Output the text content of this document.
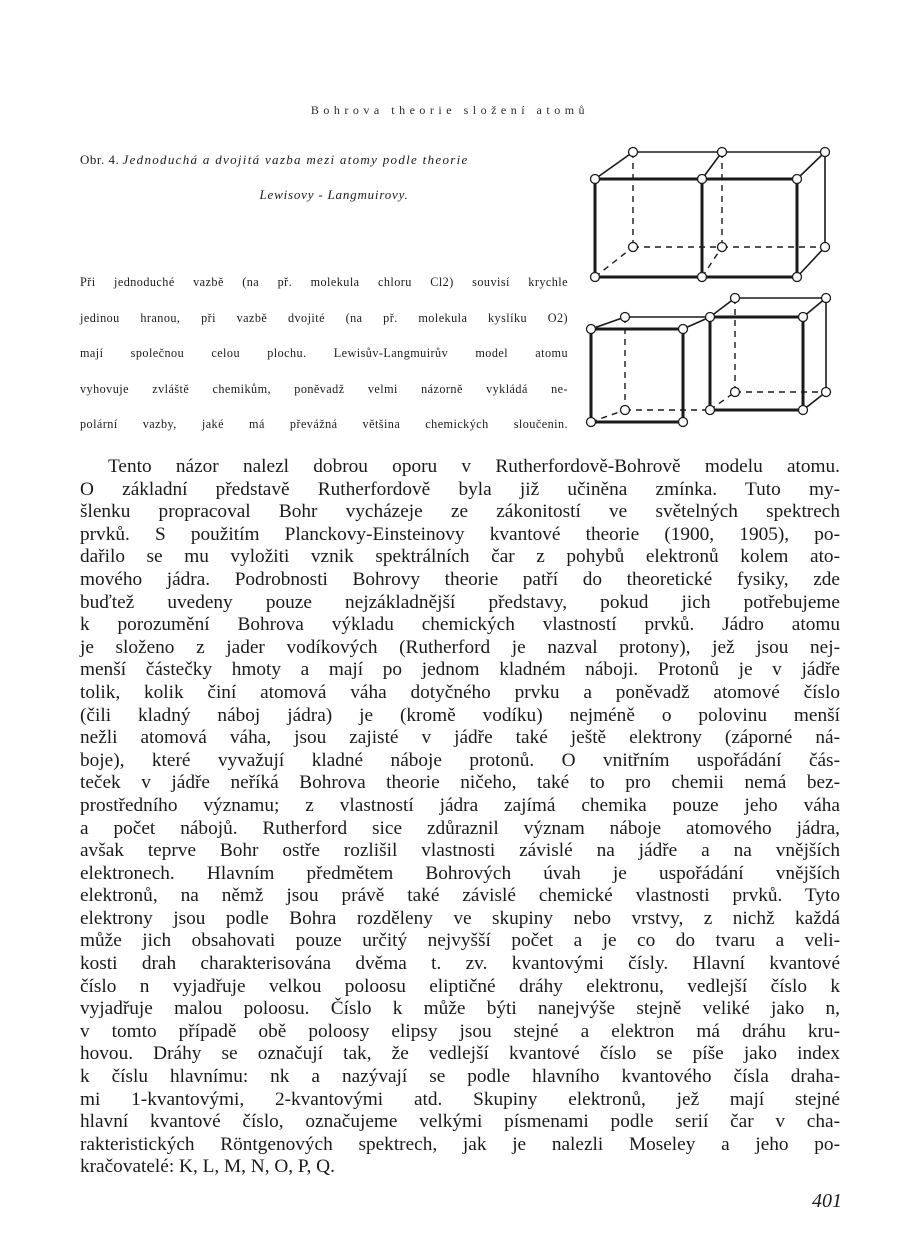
Bohrova theorie složení atomů
Obr. 4. Jednoduchá a dvojitá vazba mezi atomy podle theorie
Lewisovy - Langmuirovy.
Při jednoduché vazbě (na př. molekula chloru Cl2) souvisí krychle
jedinou hranou, při vazbě dvojité (na př. molekula kyslíku O2)
mají společnou celou plochu. Lewisův-Langmuirův model atomu
vyhovuje zvláště chemikům, poněvadž velmi názorně vykládá ne-
polární vazby, jaké má převážná většina chemických sloučenin.
Tento názor nalezl dobrou oporu v Rutherfordově-Bohrově modelu atomu.
O základní představě Rutherfordově byla již učiněna zmínka. Tuto my-
šlenku propracoval Bohr vycházeje ze zákonitostí ve světelných spektrech
prvků. S použitím Planckovy-Einsteinovy kvantové theorie (1900, 1905), po-
dařilo se mu vyložiti vznik spektrálních čar z pohybů elektronů kolem ato-
mového jádra. Podrobnosti Bohrovy theorie patří do theoretické fysiky, zde
buďtež uvedeny pouze nejzákladnější představy, pokud jich potřebujeme
k porozumění Bohrova výkladu chemických vlastností prvků. Jádro atomu
je složeno z jader vodíkových (Rutherford je nazval protony), jež jsou nej-
menší částečky hmoty a mají po jednom kladném náboji. Protonů je v jádře
tolik, kolik činí atomová váha dotyčného prvku a poněvadž atomové číslo
(čili kladný náboj jádra) je (kromě vodíku) nejméně o polovinu menší
nežli atomová váha, jsou zajisté v jádře také ještě elektrony (záporné ná-
boje), které vyvažují kladné náboje protonů. O vnitřním uspořádání čás-
teček v jádře neříká Bohrova theorie ničeho, také to pro chemii nemá bez-
prostředního významu; z vlastností jádra zajímá chemika pouze jeho váha
a počet nábojů. Rutherford sice zdůraznil význam náboje atomového jádra,
avšak teprve Bohr ostře rozlišil vlastnosti závislé na jádře a na vnějších
elektronech. Hlavním předmětem Bohrových úvah je uspořádání vnějších
elektronů, na němž jsou právě také závislé chemické vlastnosti prvků. Tyto
elektrony jsou podle Bohra rozděleny ve skupiny nebo vrstvy, z nichž každá
může jich obsahovati pouze určitý nejvyšší počet a je co do tvaru a veli-
kosti drah charakterisována dvěma t. zv. kvantovými čísly. Hlavní kvantové
číslo n vyjadřuje velkou poloosu eliptičné dráhy elektronu, vedlejší číslo k
vyjadřuje malou poloosu. Číslo k může býti nanejvýše stejně veliké jako n,
v tomto případě obě poloosy elipsy jsou stejné a elektron má dráhu kru-
hovou. Dráhy se označují tak, že vedlejší kvantové číslo se píše jako index
k číslu hlavnímu: nk a nazývají se podle hlavního kvantového čísla draha-
mi 1-kvantovými, 2-kvantovými atd. Skupiny elektronů, jež mají stejné
hlavní kvantové číslo, označujeme velkými písmenami podle serií čar v cha-
rakteristických Röntgenových spektrech, jak je nalezli Moseley a jeho po-
kračovatelé: K, L, M, N, O, P, Q.
401
